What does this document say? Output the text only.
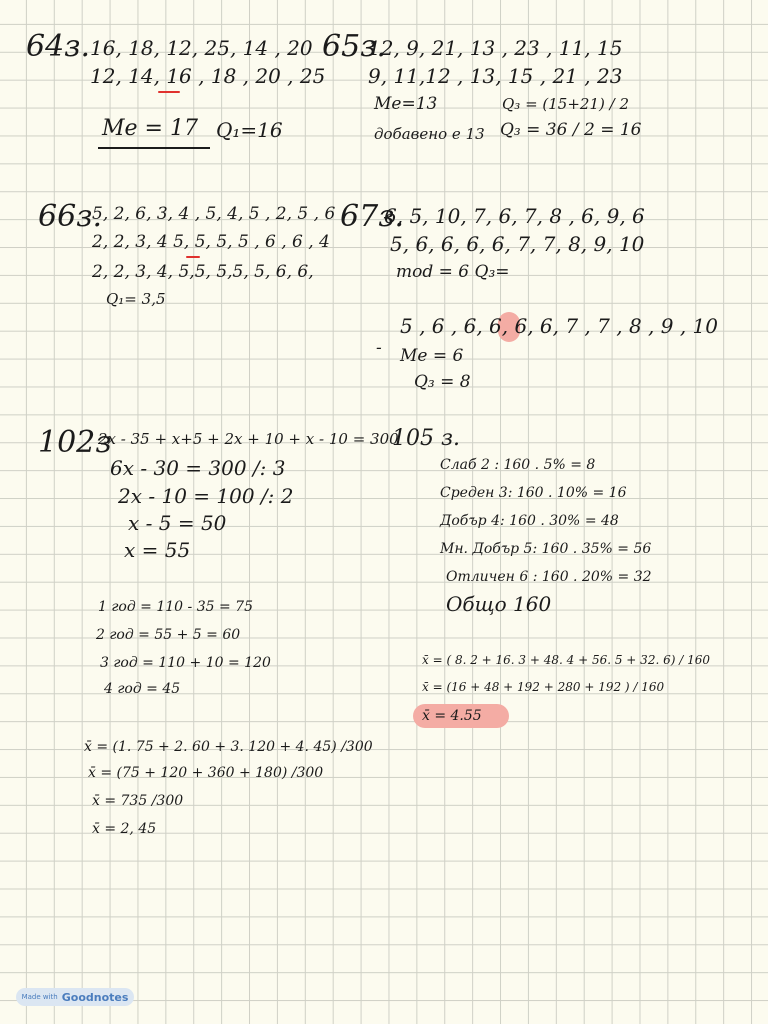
64з. 16, 18, 12, 25, 14 , 20
12, 14, 16 , 18 , 20 , 25
Me = 17 Q₁=16
65з.
12, 9, 21, 13 , 23 , 11, 15
9, 11,12 , 13, 15 , 21 , 23
Me=13	Q₃ = (15+21) / 2
добавено е 13 Q₃ = 36 / 2 = 16
66з.
5, 2, 6, 3, 4 , 5, 4, 5 , 2, 5 , 6
2, 2, 3, 4 5, 5, 5, 5 , 6 , 6 , 4
2, 2, 3, 4, 5,5, 5,5, 5, 6, 6,
Q₁= 3,5
67з.
6, 5, 10, 7, 6, 7, 8 , 6, 9, 6
5, 6, 6, 6, 6, 7, 7, 8, 9, 10
mod = 6 Q₃=
5 , 6 , 6, 6, 6, 6, 7 , 7 , 8 , 9 , 10
- Me = 6
Q₃ = 8
102з
2x - 35 + x+5 + 2x + 10 + x - 10 = 300
6x - 30 = 300 /: 3
2x - 10 = 100 /: 2
x - 5 = 50
x = 55
1 год = 110 - 35 = 75
2 год = 55 + 5 = 60
3 год = 110 + 10 = 120
4 год = 45
x̄ = (1. 75 + 2. 60 + 3. 120 + 4. 45) /300
x̄ = (75 + 120 + 360 + 180) /300
x̄ = 735 /300
x̄ = 2, 45
105 з.
Слаб 2 : 160 . 5% = 8
Среден 3: 160 . 10% = 16
Добър 4: 160 . 30% = 48
Мн. Добър 5: 160 . 35% = 56
Отличен 6 : 160 . 20% = 32
Общо 160
x̄ = ( 8. 2 + 16. 3 + 48. 4 + 56. 5 + 32. 6) / 160
x̄ = (16 + 48 + 192 + 280 + 192 ) / 160
x̄ = 4.55
Made with Goodnotes
